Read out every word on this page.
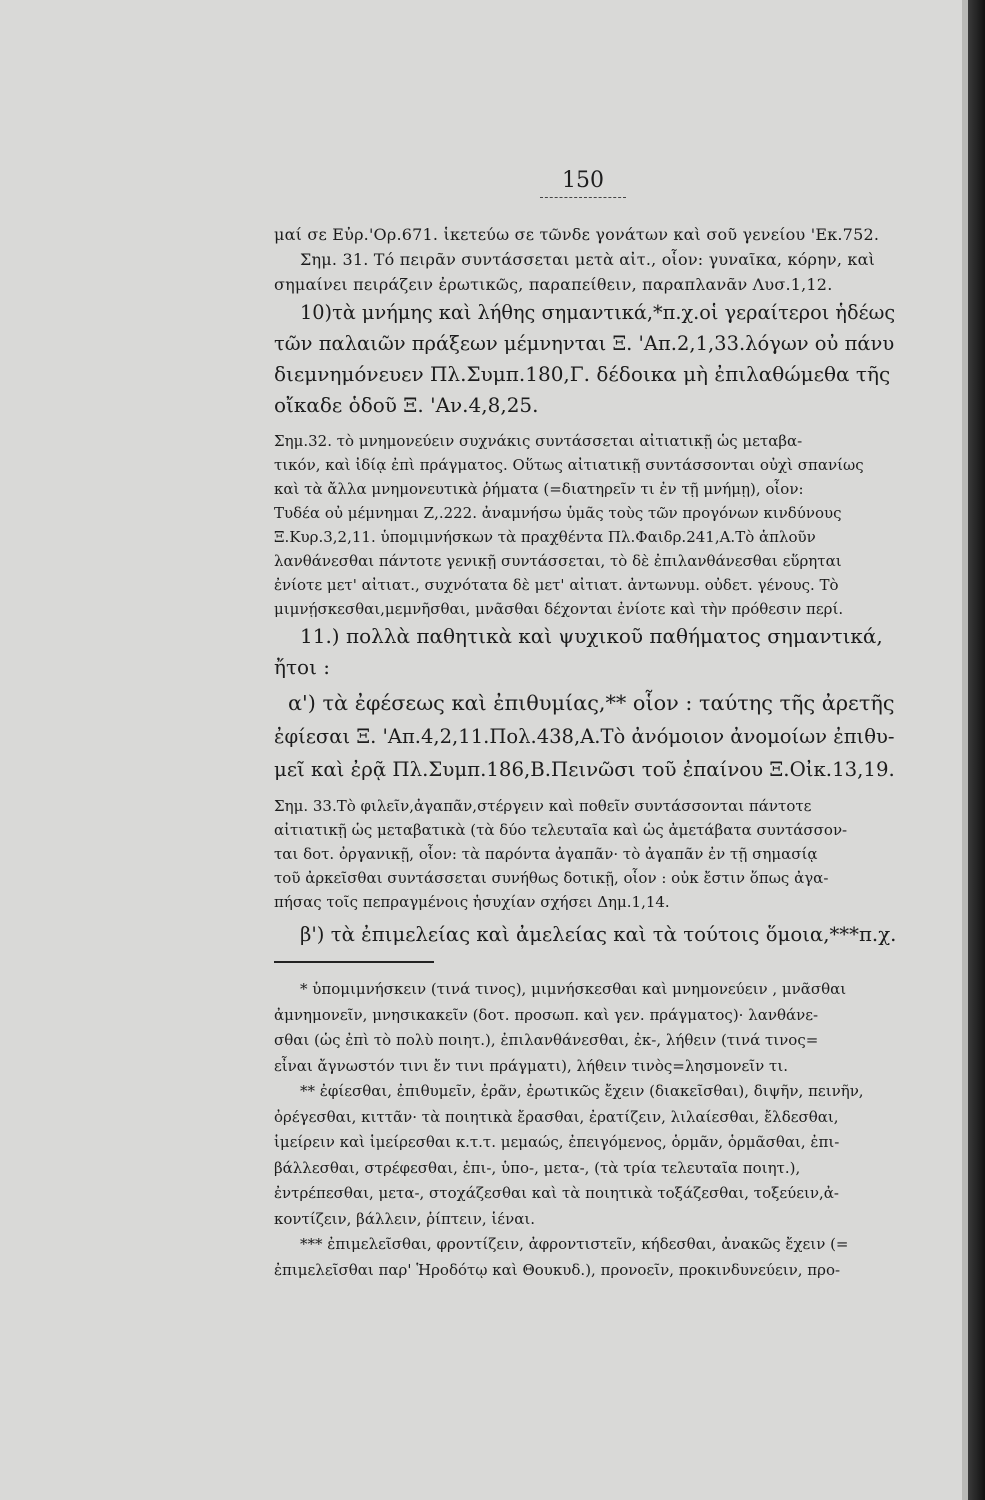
150

μαί σε Εὐρ.'Ορ.671. ἱκετεύω σε τῶνδε γονάτων καὶ σοῦ γενείου 'Εκ.752.

Σημ. 31. Τό πειρᾶν συντάσσεται μετὰ αἰτ., οἷον: γυναῖκα, κόρην, καὶ

σημαίνει πειράζειν ἐρωτικῶς, παραπείθειν, παραπλανᾶν Λυσ.1,12.

10)τὰ μνήμης καὶ λήθης σημαντικά,*π.χ.οἱ γεραίτεροι ἡδέως

τῶν παλαιῶν πράξεων μέμνηνται Ξ. 'Απ.2,1,33.λόγων οὐ πάνυ

διεμνημόνευεν Πλ.Συμπ.180,Γ. δέδοικα μὴ ἐπιλαθώμεθα τῆς

οἴκαδε ὁδοῦ Ξ. 'Αν.4,8,25.

Σημ.32. τὸ μνημονεύειν συχνάκις συντάσσεται αἰτιατικῇ ὡς μεταβα-

τικόν, καὶ ἰδίᾳ ἐπὶ πράγματος. Οὕτως αἰτιατικῇ συντάσσονται οὐχὶ σπανίως

καὶ τὰ ἄλλα μνημονευτικὰ ῥήματα (=διατηρεῖν τι ἐν τῇ μνήμῃ), οἷον:

Τυδέα οὐ μέμνημαι Ζ,.222. ἀναμνήσω ὑμᾶς τοὺς τῶν προγόνων κινδύνους

Ξ.Κυρ.3,2,11. ὑπομιμνήσκων τὰ πραχθέντα Πλ.Φαιδρ.241,Α.Τὸ ἁπλοῦν

λανθάνεσθαι πάντοτε γενικῇ συντάσσεται, τὸ δὲ ἐπιλανθάνεσθαι εὕρηται

ἐνίοτε μετ' αἰτιατ., συχνότατα δὲ μετ' αἰτιατ. ἀντωνυμ. οὐδετ. γένους. Τὸ

μιμνῄσκεσθαι,μεμνῆσθαι, μνᾶσθαι δέχονται ἐνίοτε καὶ τὴν πρόθεσιν περί.

11.) πολλὰ παθητικὰ καὶ ψυχικοῦ παθήματος σημαντικά,

ἤτοι :

α') τὰ ἐφέσεως καὶ ἐπιθυμίας,** οἷον : ταύτης τῆς ἀρετῆς

ἐφίεσαι Ξ. 'Απ.4,2,11.Πολ.438,Α.Τὸ ἀνόμοιον ἀνομοίων ἐπιθυ-

μεῖ καὶ ἐρᾷ Πλ.Συμπ.186,Β.Πεινῶσι τοῦ ἐπαίνου Ξ.Οἰκ.13,19.

Σημ. 33.Τὸ φιλεῖν,ἀγαπᾶν,στέργειν καὶ ποθεῖν συντάσσονται πάντοτε

αἰτιατικῇ ὡς μεταβατικὰ (τὰ δύο τελευταῖα καὶ ὡς ἀμετάβατα συντάσσον-

ται δοτ. ὀργανικῇ, οἷον: τὰ παρόντα ἀγαπᾶν· τὸ ἀγαπᾶν ἐν τῇ σημασίᾳ

τοῦ ἀρκεῖσθαι συντάσσεται συνήθως δοτικῇ, οἷον : οὐκ ἔστιν ὅπως ἀγα-

πήσας τοῖς πεπραγμένοις ἡσυχίαν σχήσει Δημ.1,14.

β') τὰ ἐπιμελείας καὶ ἀμελείας καὶ τὰ τούτοις ὅμοια,***π.χ.

* ὑπομιμνήσκειν (τινά τινος), μιμνήσκεσθαι καὶ μνημονεύειν , μνᾶσθαι

ἀμνημονεῖν, μνησικακεῖν (δοτ. προσωπ. καὶ γεν. πράγματος)· λανθάνε-

σθαι (ὡς ἐπὶ τὸ πολὺ ποιητ.), ἐπιλανθάνεσθαι, ἐκ-, λήθειν (τινά τινος=

εἶναι ἄγνωστόν τινι ἔν τινι πράγματι), λήθειν τινὸς=λησμονεῖν τι.

** ἐφίεσθαι, ἐπιθυμεῖν, ἐρᾶν, ἐρωτικῶς ἔχειν (διακεῖσθαι), διψῆν, πεινῆν,

ὀρέγεσθαι, κιττᾶν· τὰ ποιητικὰ ἔρασθαι, ἐρατίζειν, λιλαίεσθαι, ἔλδεσθαι,

ἱμείρειν καὶ ἱμείρεσθαι κ.τ.τ. μεμαώς, ἐπειγόμενος, ὁρμᾶν, ὁρμᾶσθαι, ἐπι-

βάλλεσθαι, στρέφεσθαι, ἐπι-, ὑπο-, μετα-, (τὰ τρία τελευταῖα ποιητ.),

ἐντρέπεσθαι, μετα-, στοχάζεσθαι καὶ τὰ ποιητικὰ τοξάζεσθαι, τοξεύειν,ἀ-

κοντίζειν, βάλλειν, ῥίπτειν, ἱέναι.

*** ἐπιμελεῖσθαι, φροντίζειν, ἀφροντιστεῖν, κήδεσθαι, ἀνακῶς ἔχειν (=

ἐπιμελεῖσθαι παρ' Ἡροδότῳ καὶ Θουκυδ.), προνοεῖν, προκινδυνεύειν, προ-
